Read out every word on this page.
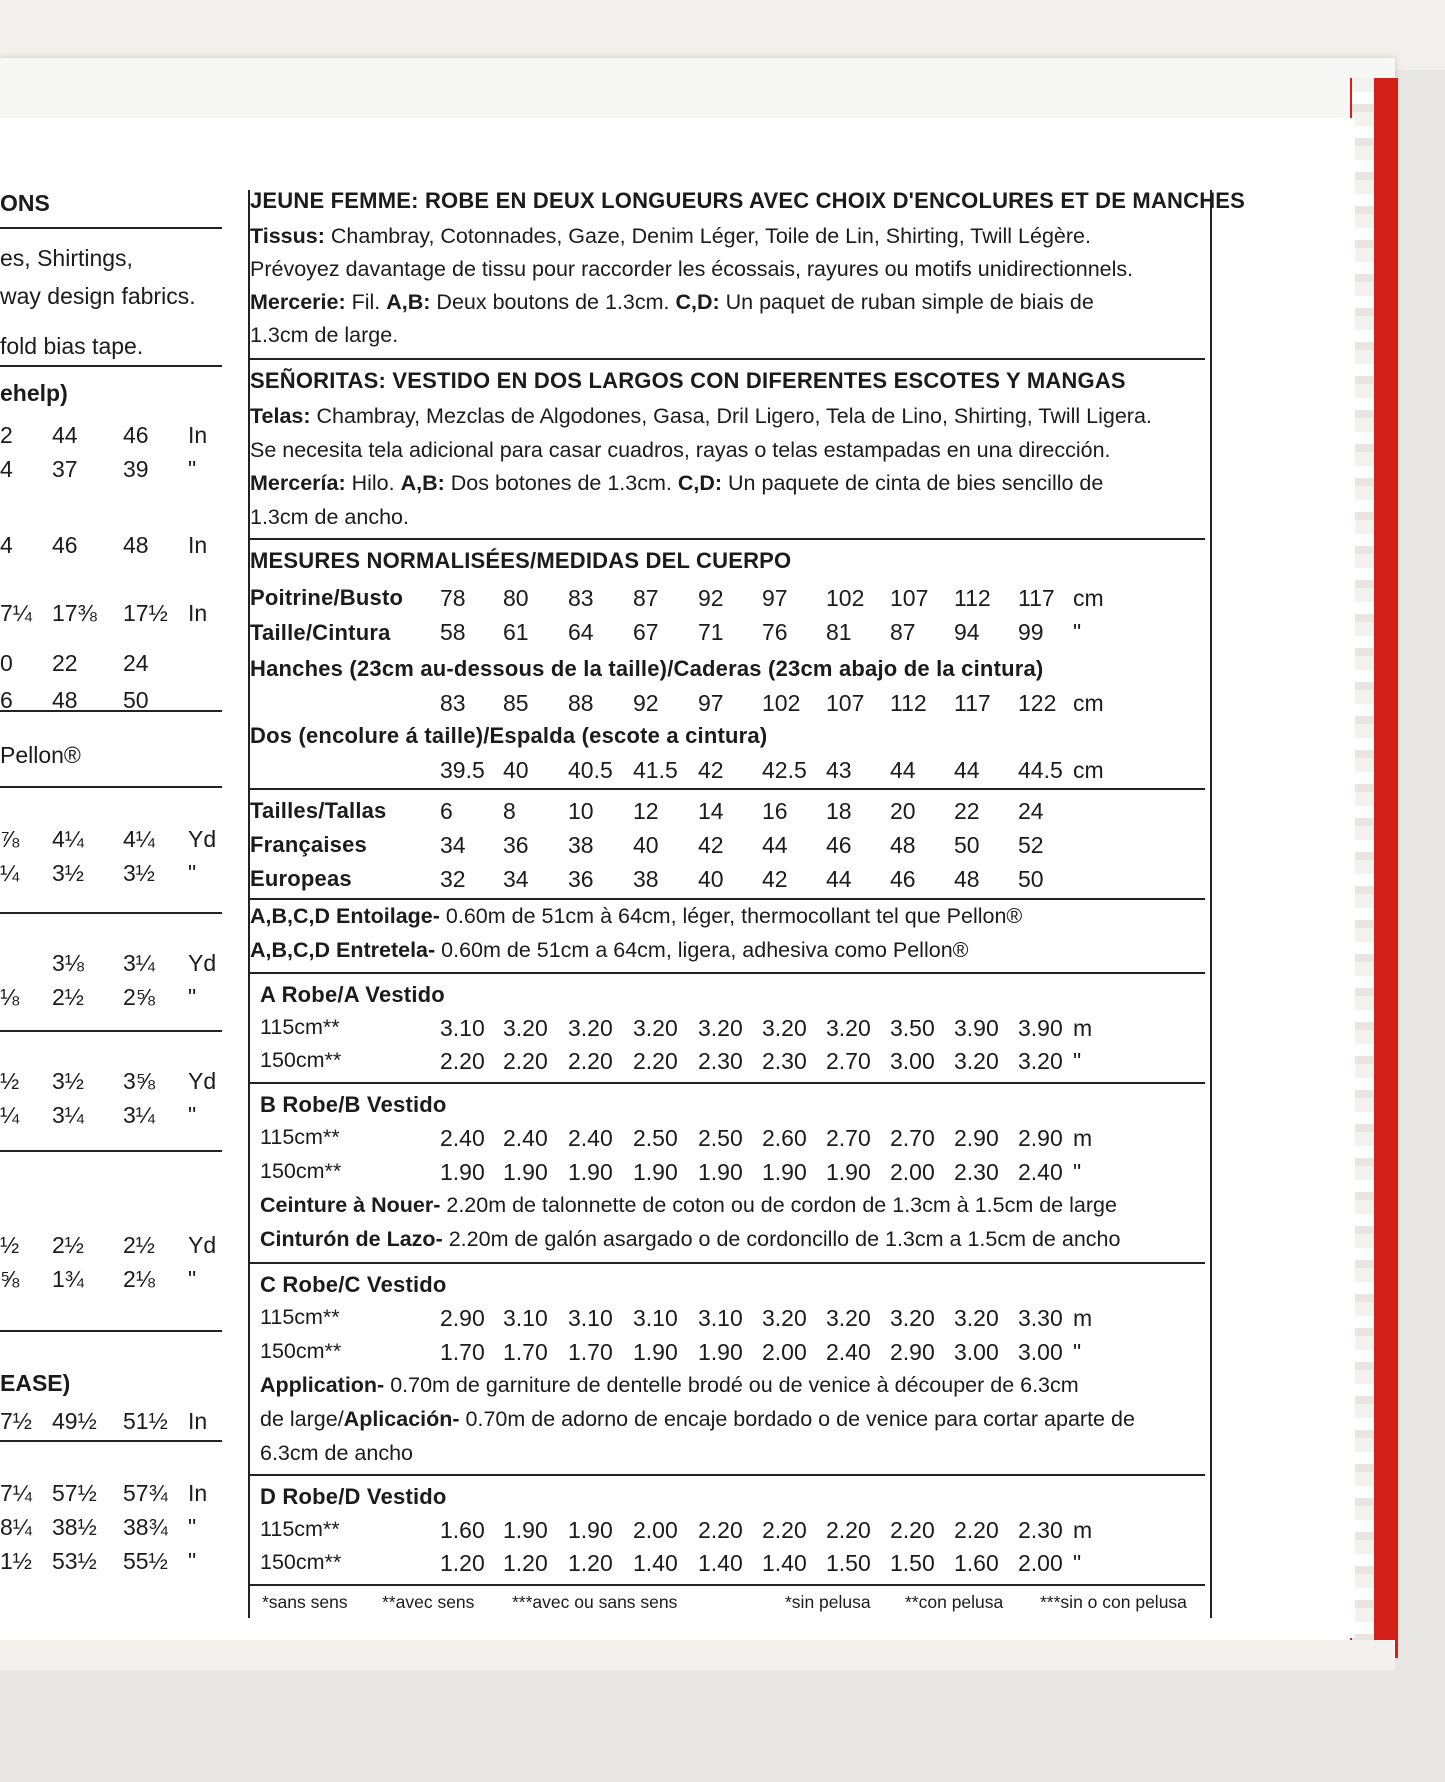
ONS
es, Shirtings,
way design fabrics.
fold bias tape.
ehelp)
2 44 46 In
4 37 39 "
4 46 48 In
7¼ 17⅜ 17½ In
0 22 24
6 48 50
Pellon®
⅞ 4¼ 4¼ Yd
¼ 3½ 3½ "
3⅛ 3¼ Yd
⅛ 2½ 2⅝ "
½ 3½ 3⅝ Yd
¼ 3¼ 3¼ "
½ 2½ 2½ Yd
⅝ 1¾ 2⅛ "
EASE)
7½ 49½ 51½ In
7¼ 57½ 57¾ In
8¼ 38½ 38¾ "
1½ 53½ 55½ "
JEUNE FEMME: ROBE EN DEUX LONGUEURS AVEC CHOIX D'ENCOLURES ET DE MANCHES
Tissus: Chambray, Cotonnades, Gaze, Denim Léger, Toile de Lin, Shirting, Twill Légère.
Prévoyez davantage de tissu pour raccorder les écossais, rayures ou motifs unidirectionnels.
Mercerie: Fil. A,B: Deux boutons de 1.3cm. C,D: Un paquet de ruban simple de biais de
1.3cm de large.
SEÑORITAS: VESTIDO EN DOS LARGOS CON DIFERENTES ESCOTES Y MANGAS
Telas: Chambray, Mezclas de Algodones, Gasa, Dril Ligero, Tela de Lino, Shirting, Twill Ligera.
Se necesita tela adicional para casar cuadros, rayas o telas estampadas en una dirección.
Mercería: Hilo. A,B: Dos botones de 1.3cm. C,D: Un paquete de cinta de bies sencillo de
1.3cm de ancho.
MESURES NORMALISÉES/MEDIDAS DEL CUERPO
Poitrine/Busto
Taille/Cintura
Hanches (23cm au-dessous de la taille)/Caderas (23cm abajo de la cintura)
Dos (encolure á taille)/Espalda (escote a cintura)
Tailles/Tallas
Françaises
Europeas
A,B,C,D Entoilage- 0.60m de 51cm à 64cm, léger, thermocollant tel que Pellon®
A,B,C,D Entretela- 0.60m de 51cm a 64cm, ligera, adhesiva como Pellon®
A Robe/A Vestido
115cm**
150cm**
B Robe/B Vestido
115cm**
150cm**
Ceinture à Nouer- 2.20m de talonnette de coton ou de cordon de 1.3cm à 1.5cm de large
Cinturón de Lazo- 2.20m de galón asargado o de cordoncillo de 1.3cm a 1.5cm de ancho
C Robe/C Vestido
115cm**
150cm**
Application- 0.70m de garniture de dentelle brodé ou de venice à découper de 6.3cm
de large/Aplicación- 0.70m de adorno de encaje bordado o de venice para cortar aparte de
6.3cm de ancho
D Robe/D Vestido
115cm**
150cm**
*sans sens **avec sens ***avec ou sans sens	*sin pelusa **con pelusa ***sin o con pelusa
78 80 83 87 92 97 102 107 112 117 cm
58 61 64 67 71 76 81 87 94 99 "
83 85 88 92 97 102 107 112 117 122 cm
39.5 40 40.5 41.5 42 42.5 43 44 44 44.5 cm
6 8 10 12 14 16 18 20 22 24
34 36 38 40 42 44 46 48 50 52
32 34 36 38 40 42 44 46 48 50
3.10 3.20 3.20 3.20 3.20 3.20 3.20 3.50 3.90 3.90 m
2.20 2.20 2.20 2.20 2.30 2.30 2.70 3.00 3.20 3.20 "
2.40 2.40 2.40 2.50 2.50 2.60 2.70 2.70 2.90 2.90 m
1.90 1.90 1.90 1.90 1.90 1.90 1.90 2.00 2.30 2.40 "
2.90 3.10 3.10 3.10 3.10 3.20 3.20 3.20 3.20 3.30 m
1.70 1.70 1.70 1.90 1.90 2.00 2.40 2.90 3.00 3.00 "
1.60 1.90 1.90 2.00 2.20 2.20 2.20 2.20 2.20 2.30 m
1.20 1.20 1.20 1.40 1.40 1.40 1.50 1.50 1.60 2.00 "
